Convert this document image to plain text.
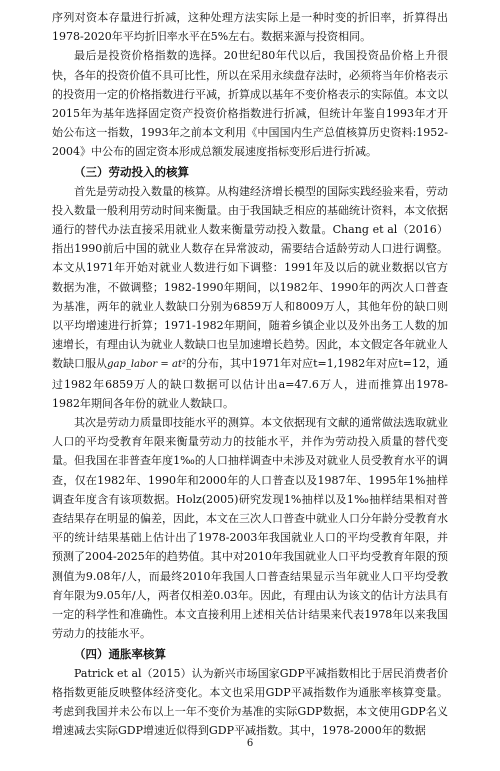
序列对资本存量进行折减，这种处理方法实际上是一种时变的折旧率，折算得出1978-2020年平均折旧率水平在5%左右。数据来源与投资相同。

最后是投资价格指数的选择。20世纪80年代以后，我国投资品价格上升很快，各年的投资价值不具可比性，所以在采用永续盘存法时，必须将当年价格表示的投资用一定的价格指数进行平减，折算成以基年不变价格表示的实际值。本文以2015年为基年选择固定资产投资价格指数进行折减，但统计年鉴自1993年才开始公布这一指数，1993年之前本文利用《中国国内生产总值核算历史资料:1952-2004》中公布的固定资本形成总额发展速度指标变形后进行折减。

（三）劳动投入的核算

首先是劳动投入数量的核算。从构建经济增长模型的国际实践经验来看，劳动投入数量一般利用劳动时间来衡量。由于我国缺乏相应的基础统计资料，本文依据通行的替代办法直接采用就业人数来衡量劳动投入数量。Chang et al（2016）指出1990前后中国的就业人数存在异常波动，需要结合适龄劳动人口进行调整。本文从1971年开始对就业人数进行如下调整：1991年及以后的就业数据以官方数据为准，不做调整；1982-1990年期间，以1982年、1990年的两次人口普查为基准，两年的就业人数缺口分别为6859万人和8009万人，其他年份的缺口则以平均增速进行折算；1971-1982年期间，随着乡镇企业以及外出务工人数的加速增长，有理由认为就业人数缺口也呈加速增长趋势。因此，本文假定各年就业人数缺口服从gap_labor = at²的分布，其中1971年对应t=1,1982年对应t=12，通过1982年6859万人的缺口数据可以估计出a=47.6万人，进而推算出1978-1982年期间各年份的就业人数缺口。

其次是劳动力质量即技能水平的测算。本文依据现有文献的通常做法选取就业人口的平均受教育年限来衡量劳动力的技能水平，并作为劳动投入质量的替代变量。但我国在非普查年度1‰的人口抽样调查中未涉及对就业人员受教育水平的调查，仅在1982年、1990年和2000年的人口普查以及1987年、1995年1%抽样调查年度含有该项数据。Holz(2005)研究发现1%抽样以及1‰抽样结果相对普查结果存在明显的偏差，因此，本文在三次人口普查中就业人口分年龄分受教育水平的统计结果基础上估计出了1978-2003年我国就业人口的平均受教育年限，并预测了2004-2025年的趋势值。其中对2010年我国就业人口平均受教育年限的预测值为9.08年/人，而最终2010年我国人口普查结果显示当年就业人口平均受教育年限为9.05年/人，两者仅相差0.03年。因此，有理由认为该文的估计方法具有一定的科学性和准确性。本文直接利用上述相关估计结果来代表1978年以来我国劳动力的技能水平。

（四）通胀率核算

Patrick et al（2015）认为新兴市场国家GDP平减指数相比于居民消费者价格指数更能反映整体经济变化。本文也采用GDP平减指数作为通胀率核算变量。考虑到我国并未公布以上一年不变价为基准的实际GDP数据，本文使用GDP名义增速减去实际GDP增速近似得到GDP平减指数。其中，1978-2000年的数据

6
